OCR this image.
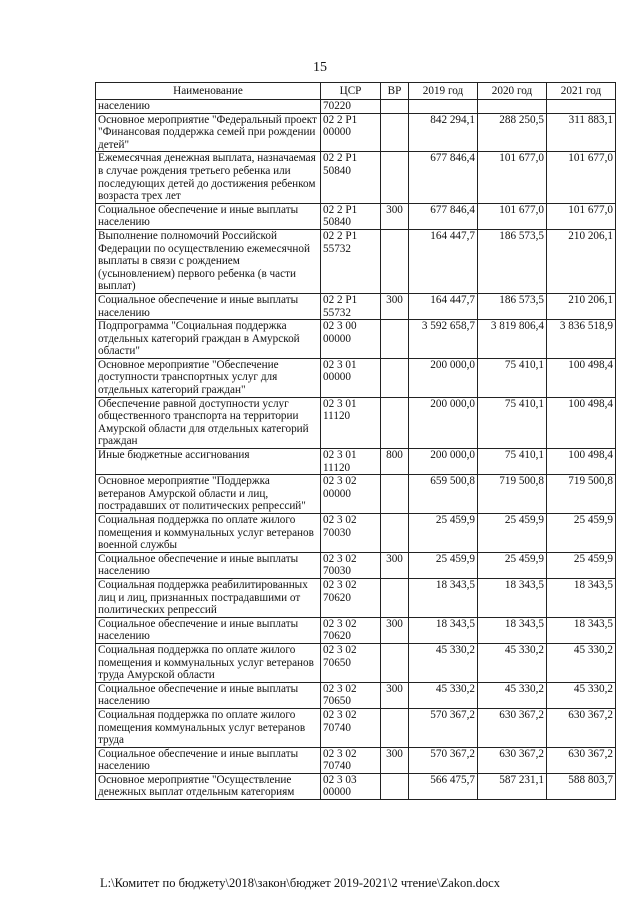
15
Наименование	ЦСР	ВР	2019 год	2020 год	2021 год
населению	70220				
Основное мероприятие "Федеральный проект "Финансовая поддержка семей при рождении детей"	02 2 P1 00000		842 294,1	288 250,5	311 883,1
Ежемесячная денежная выплата, назначаемая в случае рождения третьего ребенка или последующих детей до достижения ребенком возраста трех лет	02 2 P1 50840		677 846,4	101 677,0	101 677,0
Социальное обеспечение и иные выплаты населению	02 2 P1 50840	300	677 846,4	101 677,0	101 677,0
Выполнение полномочий Российской Федерации по осуществлению ежемесячной выплаты в связи с рождением (усыновлением) первого ребенка (в части выплат)	02 2 P1 55732		164 447,7	186 573,5	210 206,1
Социальное обеспечение и иные выплаты населению	02 2 P1 55732	300	164 447,7	186 573,5	210 206,1
Подпрограмма "Социальная поддержка отдельных категорий граждан в Амурской области"	02 3 00 00000		3 592 658,7	3 819 806,4	3 836 518,9
Основное мероприятие "Обеспечение доступности транспортных услуг для отдельных категорий граждан"	02 3 01 00000		200 000,0	75 410,1	100 498,4
Обеспечение равной доступности услуг общественного транспорта на территории Амурской области для отдельных категорий граждан	02 3 01 11120		200 000,0	75 410,1	100 498,4
Иные бюджетные ассигнования	02 3 01 11120	800	200 000,0	75 410,1	100 498,4
Основное мероприятие "Поддержка ветеранов Амурской области и лиц, пострадавших от политических репрессий"	02 3 02 00000		659 500,8	719 500,8	719 500,8
Социальная поддержка по оплате жилого помещения и коммунальных услуг ветеранов военной службы	02 3 02 70030		25 459,9	25 459,9	25 459,9
Социальное обеспечение и иные выплаты населению	02 3 02 70030	300	25 459,9	25 459,9	25 459,9
Социальная поддержка реабилитированных лиц и лиц, признанных пострадавшими от политических репрессий	02 3 02 70620		18 343,5	18 343,5	18 343,5
Социальное обеспечение и иные выплаты населению	02 3 02 70620	300	18 343,5	18 343,5	18 343,5
Социальная поддержка по оплате жилого помещения и коммунальных услуг ветеранов труда Амурской области	02 3 02 70650		45 330,2	45 330,2	45 330,2
Социальное обеспечение и иные выплаты населению	02 3 02 70650	300	45 330,2	45 330,2	45 330,2
Социальная поддержка по оплате жилого помещения коммунальных услуг ветеранов труда	02 3 02 70740		570 367,2	630 367,2	630 367,2
Социальное обеспечение и иные выплаты населению	02 3 02 70740	300	570 367,2	630 367,2	630 367,2
Основное мероприятие "Осуществление денежных выплат отдельным категориям	02 3 03 00000		566 475,7	587 231,1	588 803,7
L:\Комитет по бюджету\2018\закон\бюджет 2019-2021\2 чтение\Zakon.docx
